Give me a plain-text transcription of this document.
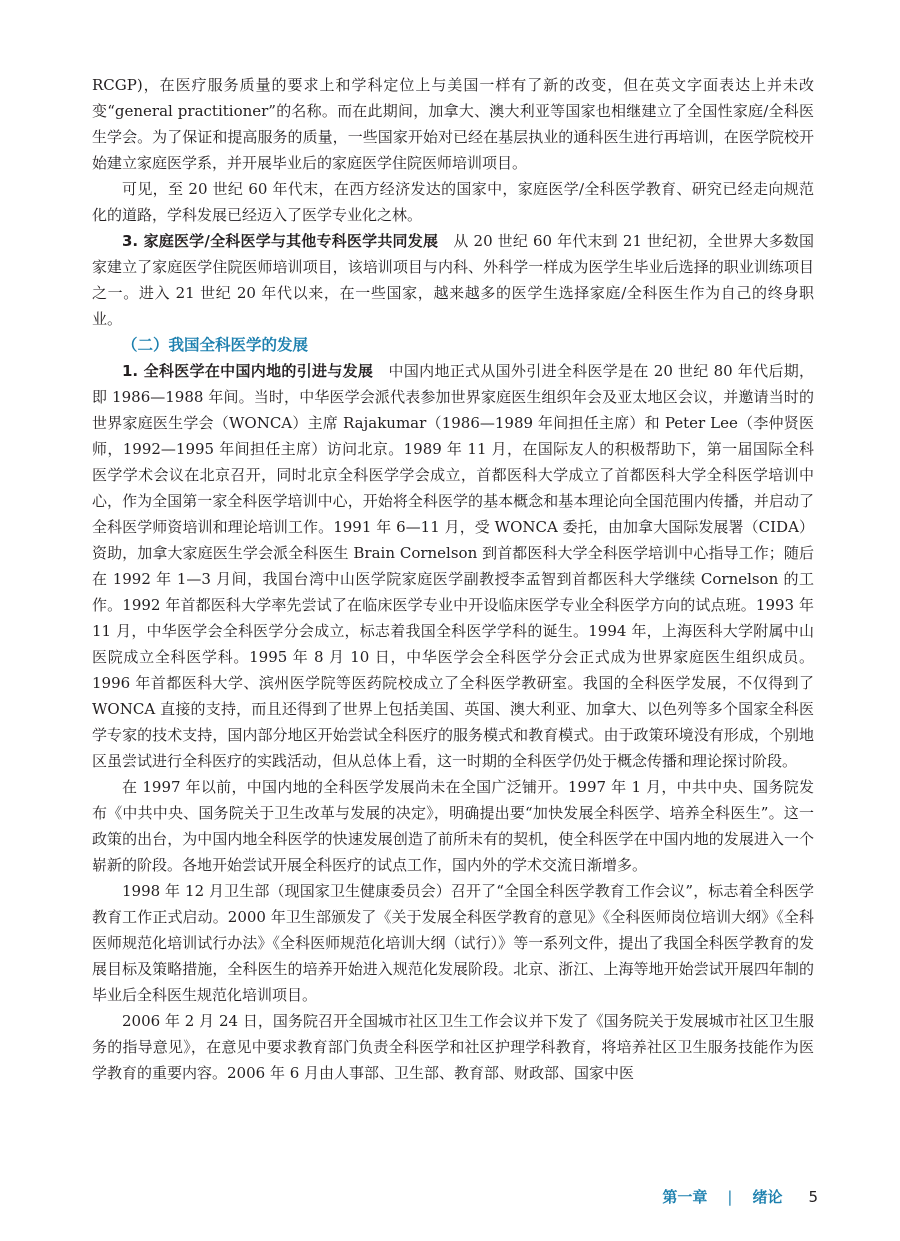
RCGP)，在医疗服务质量的要求上和学科定位上与美国一样有了新的改变，但在英文字面表达上并未改变“general practitioner”的名称。而在此期间，加拿大、澳大利亚等国家也相继建立了全国性家庭/全科医生学会。为了保证和提高服务的质量，一些国家开始对已经在基层执业的通科医生进行再培训，在医学院校开始建立家庭医学系，并开展毕业后的家庭医学住院医师培训项目。

可见，至 20 世纪 60 年代末，在西方经济发达的国家中，家庭医学/全科医学教育、研究已经走向规范化的道路，学科发展已经迈入了医学专业化之林。

3. 家庭医学/全科医学与其他专科医学共同发展　从 20 世纪 60 年代末到 21 世纪初，全世界大多数国家建立了家庭医学住院医师培训项目，该培训项目与内科、外科学一样成为医学生毕业后选择的职业训练项目之一。进入 21 世纪 20 年代以来，在一些国家，越来越多的医学生选择家庭/全科医生作为自己的终身职业。

（二）我国全科医学的发展

1. 全科医学在中国内地的引进与发展　中国内地正式从国外引进全科医学是在 20 世纪 80 年代后期，即 1986—1988 年间。当时，中华医学会派代表参加世界家庭医生组织年会及亚太地区会议，并邀请当时的世界家庭医生学会（WONCA）主席 Rajakumar（1986—1989 年间担任主席）和 Peter Lee（李仲贤医师，1992—1995 年间担任主席）访问北京。1989 年 11 月，在国际友人的积极帮助下，第一届国际全科医学学术会议在北京召开，同时北京全科医学学会成立，首都医科大学成立了首都医科大学全科医学培训中心，作为全国第一家全科医学培训中心，开始将全科医学的基本概念和基本理论向全国范围内传播，并启动了全科医学师资培训和理论培训工作。1991 年 6—11 月，受 WONCA 委托，由加拿大国际发展署（CIDA）资助，加拿大家庭医生学会派全科医生 Brain Cornelson 到首都医科大学全科医学培训中心指导工作；随后在 1992 年 1—3 月间，我国台湾中山医学院家庭医学副教授李孟智到首都医科大学继续 Cornelson 的工作。1992 年首都医科大学率先尝试了在临床医学专业中开设临床医学专业全科医学方向的试点班。1993 年 11 月，中华医学会全科医学分会成立，标志着我国全科医学学科的诞生。1994 年，上海医科大学附属中山医院成立全科医学科。1995 年 8 月 10 日，中华医学会全科医学分会正式成为世界家庭医生组织成员。1996 年首都医科大学、滨州医学院等医药院校成立了全科医学教研室。我国的全科医学发展，不仅得到了 WONCA 直接的支持，而且还得到了世界上包括美国、英国、澳大利亚、加拿大、以色列等多个国家全科医学专家的技术支持，国内部分地区开始尝试全科医疗的服务模式和教育模式。由于政策环境没有形成，个别地区虽尝试进行全科医疗的实践活动，但从总体上看，这一时期的全科医学仍处于概念传播和理论探讨阶段。

在 1997 年以前，中国内地的全科医学发展尚未在全国广泛铺开。1997 年 1 月，中共中央、国务院发布《中共中央、国务院关于卫生改革与发展的决定》，明确提出要“加快发展全科医学、培养全科医生”。这一政策的出台，为中国内地全科医学的快速发展创造了前所未有的契机，使全科医学在中国内地的发展进入一个崭新的阶段。各地开始尝试开展全科医疗的试点工作，国内外的学术交流日渐增多。

1998 年 12 月卫生部（现国家卫生健康委员会）召开了“全国全科医学教育工作会议”，标志着全科医学教育工作正式启动。2000 年卫生部颁发了《关于发展全科医学教育的意见》《全科医师岗位培训大纲》《全科医师规范化培训试行办法》《全科医师规范化培训大纲（试行）》等一系列文件，提出了我国全科医学教育的发展目标及策略措施，全科医生的培养开始进入规范化发展阶段。北京、浙江、上海等地开始尝试开展四年制的毕业后全科医生规范化培训项目。

2006 年 2 月 24 日，国务院召开全国城市社区卫生工作会议并下发了《国务院关于发展城市社区卫生服务的指导意见》，在意见中要求教育部门负责全科医学和社区护理学科教育，将培养社区卫生服务技能作为医学教育的重要内容。2006 年 6 月由人事部、卫生部、教育部、财政部、国家中医

第一章 | 绪论 5
